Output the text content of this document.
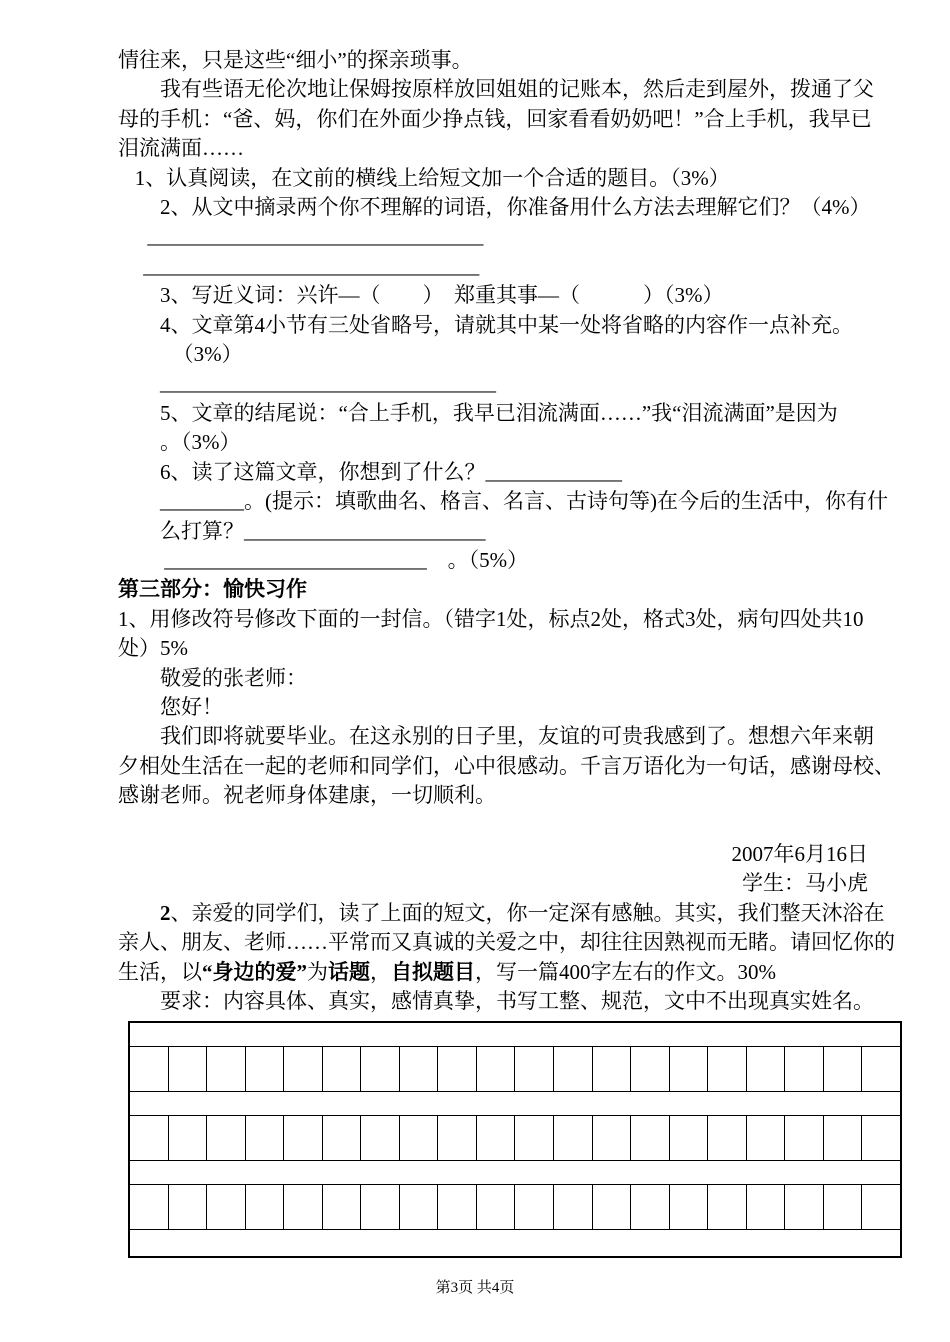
情往来，只是这些“细小”的探亲琐事。
我有些语无伦次地让保姆按原样放回姐姐的记账本，然后走到屋外，拨通了父
母的手机：“爸、妈，你们在外面少挣点钱，回家看看奶奶吧！”合上手机，我早已
泪流满面……
1、认真阅读，在文前的横线上给短文加一个合适的题目。（3%）
2、从文中摘录两个你不理解的词语，你准备用什么方法去理解它们？（4%）
________________________________
________________________________
3、写近义词：兴许—（　　）　郑重其事—（　　　）（3%）
4、文章第4小节有三处省略号，请就其中某一处将省略的内容作一点补充。
（3%）
________________________________
5、文章的结尾说：“合上手机，我早已泪流满面……”我“泪流满面”是因为
。（3%）
6、读了这篇文章，你想到了什么？_____________
________。(提示：填歌曲名、格言、名言、古诗句等)在今后的生活中，你有什
么打算？_______________________
_________________________　。（5%）
第三部分：愉快习作
1、用修改符号修改下面的一封信。（错字1处，标点2处，格式3处，病句四处共10
处）5%
敬爱的张老师：
您好！
我们即将就要毕业。在这永别的日子里，友谊的可贵我感到了。想想六年来朝
夕相处生活在一起的老师和同学们，心中很感动。千言万语化为一句话，感谢母校、
感谢老师。祝老师身体建康，一切顺利。

2007年6月16日
学生：马小虎
2、亲爱的同学们，读了上面的短文，你一定深有感触。其实，我们整天沐浴在
亲人、朋友、老师……平常而又真诚的关爱之中，却往往因熟视而无睹。请回忆你的
生活，以“身边的爱”为话题，自拟题目，写一篇400字左右的作文。30%
要求：内容具体、真实，感情真挚，书写工整、规范，文中不出现真实姓名。
第3页 共4页
